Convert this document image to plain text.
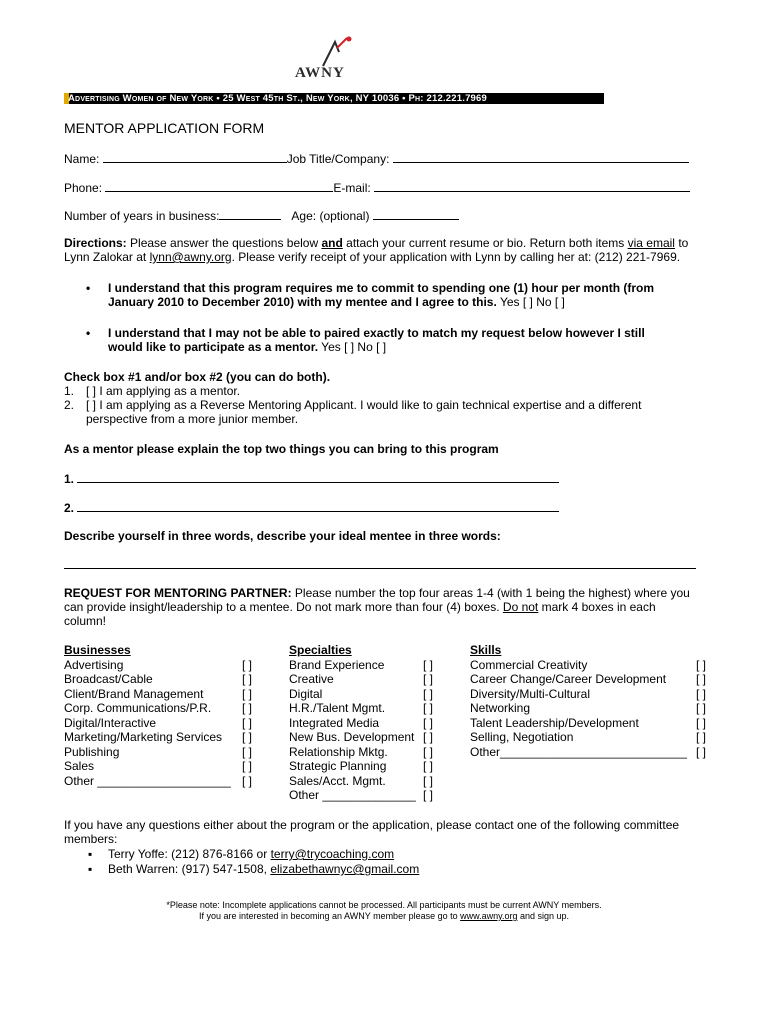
AWNY
Advertising Women of New York • 25 West 45th St., New York, NY 10036 • Ph: 212.221.7969
MENTOR APPLICATION FORM
Name:	Job Title/Company:
Phone:	E-mail:
Number of years in business:	Age: (optional)
Directions: Please answer the questions below and attach your current resume or bio. Return both items via email to
Lynn Zalokar at lynn@awny.org. Please verify receipt of your application with Lynn by calling her at: (212) 221-7969.
• I understand that this program requires me to commit to spending one (1) hour per month (from
January 2010 to December 2010) with my mentee and I agree to this. Yes [ ] No [ ]
• I understand that I may not be able to paired exactly to match my request below however I still
would like to participate as a mentor. Yes [ ] No [ ]
Check box #1 and/or box #2 (you can do both).
1. [ ] I am applying as a mentor.
2. [ ] I am applying as a Reverse Mentoring Applicant. I would like to gain technical expertise and a different
perspective from a more junior member.
As a mentor please explain the top two things you can bring to this program
1.
2.
Describe yourself in three words, describe your ideal mentee in three words:
REQUEST FOR MENTORING PARTNER: Please number the top four areas 1-4 (with 1 being the highest) where you
can provide insight/leadership to a mentee. Do not mark more than four (4) boxes. Do not mark 4 boxes in each
column!
Businesses
Advertising	[ ]
Broadcast/Cable	[ ]
Client/Brand Management	[ ]
Corp. Communications/P.R.	[ ]
Digital/Interactive	[ ]
Marketing/Marketing Services [ ]
Publishing	[ ]
Sales	[ ]
Other ____________________ [ ]
Specialties
Brand Experience	[ ]
Creative	[ ]
Digital	[ ]
H.R./Talent Mgmt.	[ ]
Integrated Media	[ ]
New Bus. Development [ ]
Relationship Mktg.	[ ]
Strategic Planning	[ ]
Sales/Acct. Mgmt.	[ ]
Other ______________ [ ]
Skills
Commercial Creativity	[ ]
Career Change/Career Development [ ]
Diversity/Multi-Cultural	[ ]
Networking	[ ]
Talent Leadership/Development	[ ]
Selling, Negotiation	[ ]
Other____________________________ [ ]
If you have any questions either about the program or the application, please contact one of the following committee
members:
▪ Terry Yoffe: (212) 876-8166 or terry@trycoaching.com
▪ Beth Warren: (917) 547-1508, elizabethawnyc@gmail.com
*Please note: Incomplete applications cannot be processed. All participants must be current AWNY members.
If you are interested in becoming an AWNY member please go to www.awny.org and sign up.
